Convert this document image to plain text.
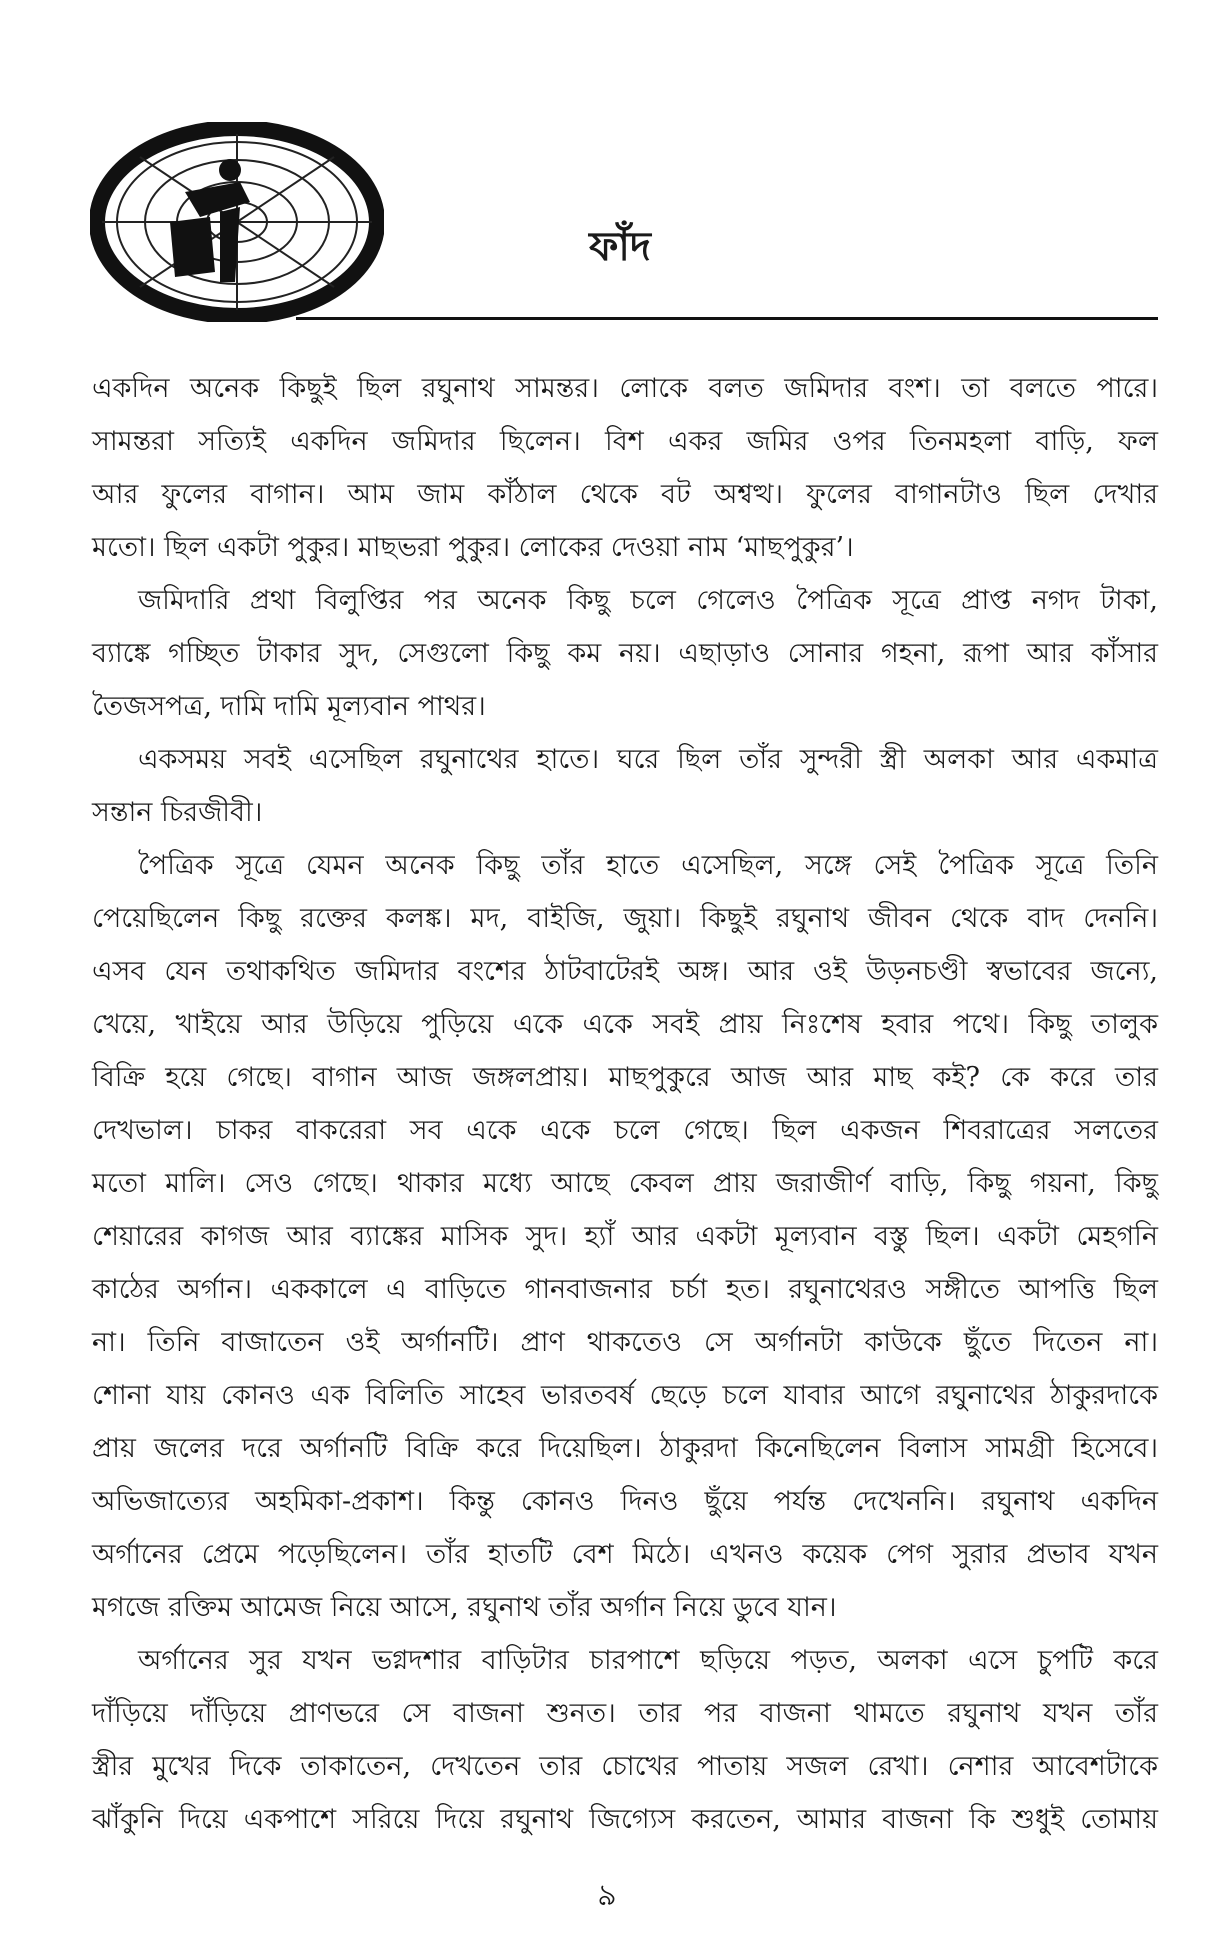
ফাঁদ
একদিন অনেক কিছুই ছিল রঘুনাথ সামন্তর। লোকে বলত জমিদার বংশ। তা বলতে পারে।
সামন্তরা সত্যিই একদিন জমিদার ছিলেন। বিশ একর জমির ওপর তিনমহলা বাড়ি, ফল
আর ফুলের বাগান। আম জাম কাঁঠাল থেকে বট অশ্বত্থ। ফুলের বাগানটাও ছিল দেখার
মতো। ছিল একটা পুকুর। মাছভরা পুকুর। লোকের দেওয়া নাম ‘মাছপুকুর’।
জমিদারি প্রথা বিলুপ্তির পর অনেক কিছু চলে গেলেও পৈত্রিক সূত্রে প্রাপ্ত নগদ টাকা,
ব্যাঙ্কে গচ্ছিত টাকার সুদ, সেগুলো কিছু কম নয়। এছাড়াও সোনার গহনা, রূপা আর কাঁসার
তৈজসপত্র, দামি দামি মূল্যবান পাথর।
একসময় সবই এসেছিল রঘুনাথের হাতে। ঘরে ছিল তাঁর সুন্দরী স্ত্রী অলকা আর একমাত্র
সন্তান চিরজীবী।
পৈত্রিক সূত্রে যেমন অনেক কিছু তাঁর হাতে এসেছিল, সঙ্গে সেই পৈত্রিক সূত্রে তিনি
পেয়েছিলেন কিছু রক্তের কলঙ্ক। মদ, বাইজি, জুয়া। কিছুই রঘুনাথ জীবন থেকে বাদ দেননি।
এসব যেন তথাকথিত জমিদার বংশের ঠাটবাটেরই অঙ্গ। আর ওই উড়নচণ্ডী স্বভাবের জন্যে,
খেয়ে, খাইয়ে আর উড়িয়ে পুড়িয়ে একে একে সবই প্রায় নিঃশেষ হবার পথে। কিছু তালুক
বিক্রি হয়ে গেছে। বাগান আজ জঙ্গলপ্রায়। মাছপুকুরে আজ আর মাছ কই? কে করে তার
দেখভাল। চাকর বাকরেরা সব একে একে চলে গেছে। ছিল একজন শিবরাত্রের সলতের
মতো মালি। সেও গেছে। থাকার মধ্যে আছে কেবল প্রায় জরাজীর্ণ বাড়ি, কিছু গয়না, কিছু
শেয়ারের কাগজ আর ব্যাঙ্কের মাসিক সুদ। হ্যাঁ আর একটা মূল্যবান বস্তু ছিল। একটা মেহগনি
কাঠের অর্গান। এককালে এ বাড়িতে গানবাজনার চর্চা হত। রঘুনাথেরও সঙ্গীতে আপত্তি ছিল
না। তিনি বাজাতেন ওই অর্গানটি। প্রাণ থাকতেও সে অর্গানটা কাউকে ছুঁতে দিতেন না।
শোনা যায় কোনও এক বিলিতি সাহেব ভারতবর্ষ ছেড়ে চলে যাবার আগে রঘুনাথের ঠাকুরদাকে
প্রায় জলের দরে অর্গানটি বিক্রি করে দিয়েছিল। ঠাকুরদা কিনেছিলেন বিলাস সামগ্রী হিসেবে।
অভিজাত্যের অহমিকা-প্রকাশ। কিন্তু কোনও দিনও ছুঁয়ে পর্যন্ত দেখেননি। রঘুনাথ একদিন
অর্গানের প্রেমে পড়েছিলেন। তাঁর হাতটি বেশ মিঠে। এখনও কয়েক পেগ সুরার প্রভাব যখন
মগজে রক্তিম আমেজ নিয়ে আসে, রঘুনাথ তাঁর অর্গান নিয়ে ডুবে যান।
অর্গানের সুর যখন ভগ্নদশার বাড়িটার চারপাশে ছড়িয়ে পড়ত, অলকা এসে চুপটি করে
দাঁড়িয়ে দাঁড়িয়ে প্রাণভরে সে বাজনা শুনত। তার পর বাজনা থামতে রঘুনাথ যখন তাঁর
স্ত্রীর মুখের দিকে তাকাতেন, দেখতেন তার চোখের পাতায় সজল রেখা। নেশার আবেশটাকে
ঝাঁকুনি দিয়ে একপাশে সরিয়ে দিয়ে রঘুনাথ জিগ্যেস করতেন, আমার বাজনা কি শুধুই তোমায়
৯
